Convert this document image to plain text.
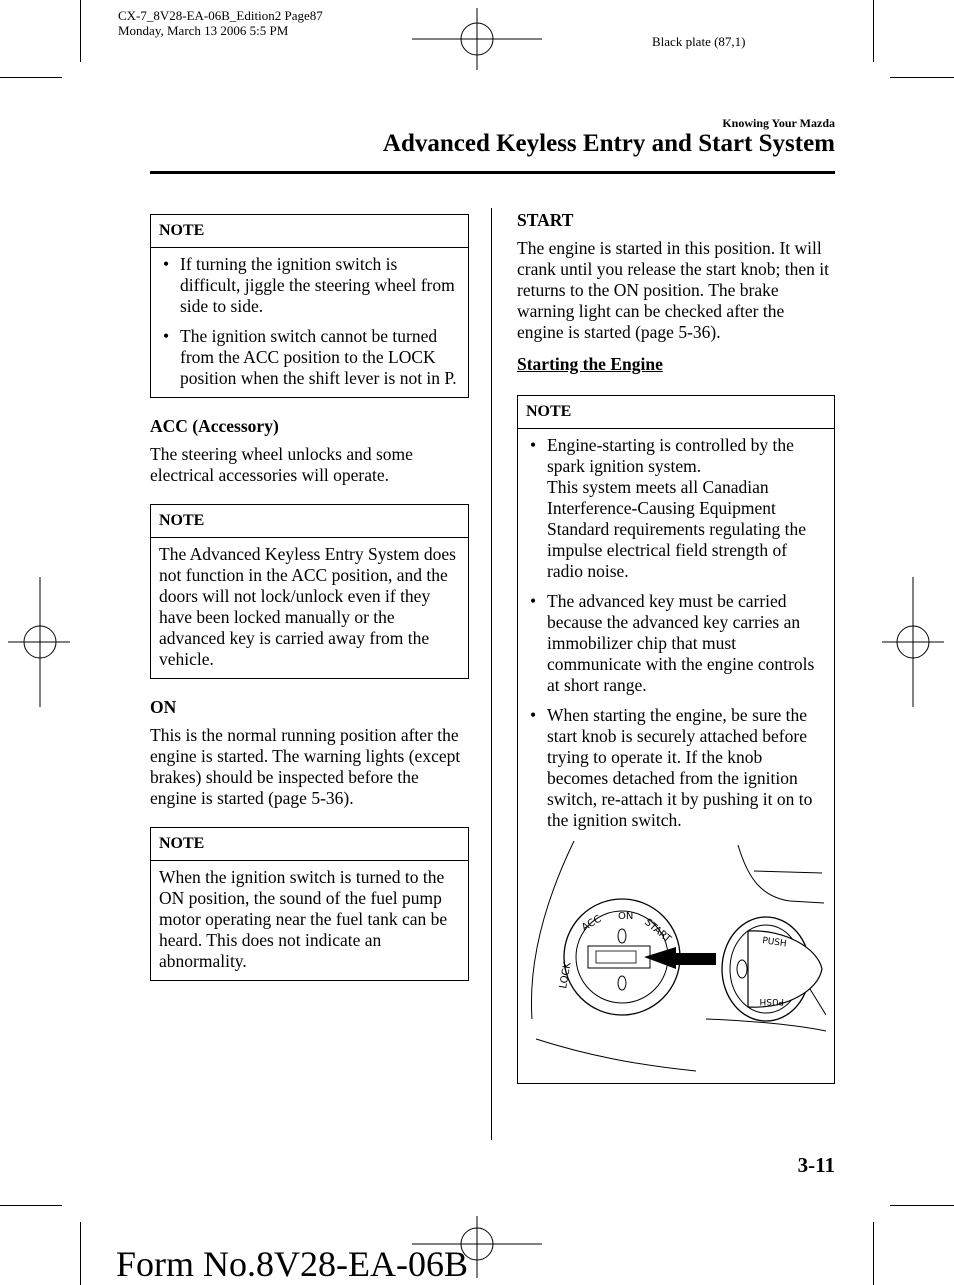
CX-7_8V28-EA-06B_Edition2 Page87
Monday, March 13 2006 5:5 PM
Black plate (87,1)
Knowing Your Mazda
Advanced Keyless Entry and Start System
NOTE
• If turning the ignition switch is difficult, jiggle the steering wheel from side to side.
• The ignition switch cannot be turned from the ACC position to the LOCK position when the shift lever is not in P.
ACC (Accessory)

The steering wheel unlocks and some electrical accessories will operate.

NOTE
The Advanced Keyless Entry System does not function in the ACC position, and the doors will not lock/unlock even if they have been locked manually or the advanced key is carried away from the vehicle.
ON

This is the normal running position after the engine is started. The warning lights (except brakes) should be inspected before the engine is started (page 5-36).

NOTE
When the ignition switch is turned to the ON position, the sound of the fuel pump motor operating near the fuel tank can be heard. This does not indicate an abnormality.
START

The engine is started in this position. It will crank until you release the start knob; then it returns to the ON position. The brake warning light can be checked after the engine is started (page 5-36).

Starting the Engine
NOTE
• Engine-starting is controlled by the spark ignition system.
This system meets all Canadian Interference-Causing Equipment Standard requirements regulating the impulse electrical field strength of radio noise.
• The advanced key must be carried because the advanced key carries an immobilizer chip that must communicate with the engine controls at short range.
• When starting the engine, be sure the start knob is securely attached before trying to operate it. If the knob becomes detached from the ignition switch, re-attach it by pushing it on to the ignition switch.
LOCK
ACC ON
START	PUSH
PUSH
3-11
Form No.8V28-EA-06B
